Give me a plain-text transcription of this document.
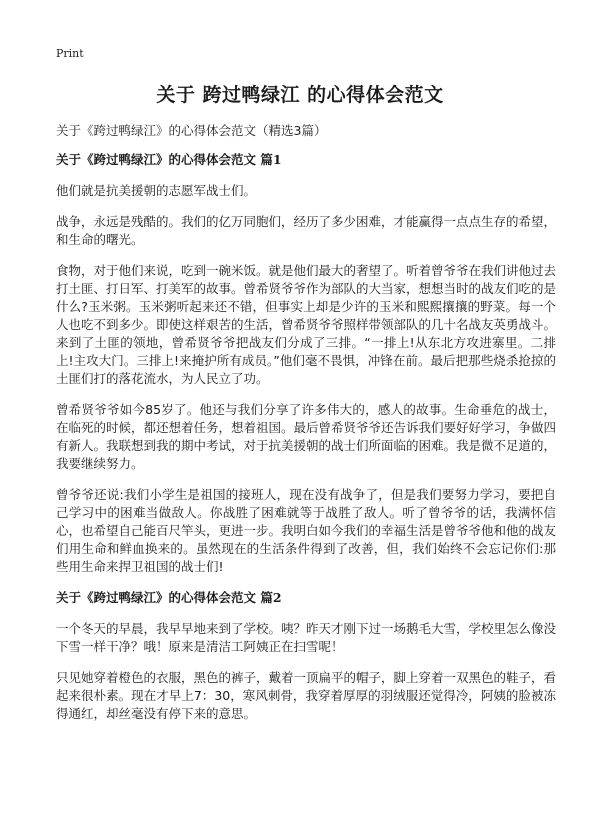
Print
关于 跨过鸭绿江 的心得体会范文
关于《跨过鸭绿江》的心得体会范文（精选3篇）
关于《跨过鸭绿江》的心得体会范文 篇1

他们就是抗美援朝的志愿军战士们。

战争，永远是残酷的。我们的亿万同胞们，经历了多少困难，才能赢得一点点生存的希望，和生命的曙光。

食物，对于他们来说，吃到一碗米饭。就是他们最大的奢望了。听着曾爷爷在我们讲他过去打土匪、打日军、打美军的故事。曾希贤爷爷作为部队的大当家，想想当时的战友们吃的是什么?玉米粥。玉米粥听起来还不错，但事实上却是少许的玉米和熙熙攘攘的野菜。每一个人也吃不到多少。即使这样艰苦的生活，曾希贤爷爷照样带领部队的几十名战友英勇战斗。来到了土匪的领地，曾希贤爷爷把战友们分成了三排。“一排上!从东北方攻进寨里。二排上!主攻大门。三排上!来掩护所有成员。”他们毫不畏惧，冲锋在前。最后把那些烧杀抢掠的土匪们打的落花流水，为人民立了功。

曾希贤爷爷如今85岁了。他还与我们分享了许多伟大的，感人的故事。生命垂危的战士，在临死的时候，都还想着任务，想着祖国。最后曾希贤爷爷还告诉我们要好好学习，争做四有新人。我联想到我的期中考试，对于抗美援朝的战士们所面临的困难。我是微不足道的，我要继续努力。

曾爷爷还说:我们小学生是祖国的接班人，现在没有战争了，但是我们要努力学习，要把自己学习中的困难当做敌人。你战胜了困难就等于战胜了敌人。听了曾爷爷的话，我满怀信心，也希望自己能百尺竿头，更进一步。我明白如今我们的幸福生活是曾爷爷他和他的战友们用生命和鲜血换来的。虽然现在的生活条件得到了改善，但，我们始终不会忘记你们:那些用生命来捍卫祖国的战士们!

关于《跨过鸭绿江》的心得体会范文 篇2

一个冬天的早晨，我早早地来到了学校。咦？昨天才刚下过一场鹅毛大雪，学校里怎么像没下雪一样干净？哦！原来是清洁工阿姨正在扫雪呢！

只见她穿着橙色的衣服，黑色的裤子，戴着一顶扁平的帽子，脚上穿着一双黑色的鞋子，看起来很朴素。现在才早上7：30，寒风刺骨，我穿着厚厚的羽绒服还觉得冷，阿姨的脸被冻得通红，却丝毫没有停下来的意思。
